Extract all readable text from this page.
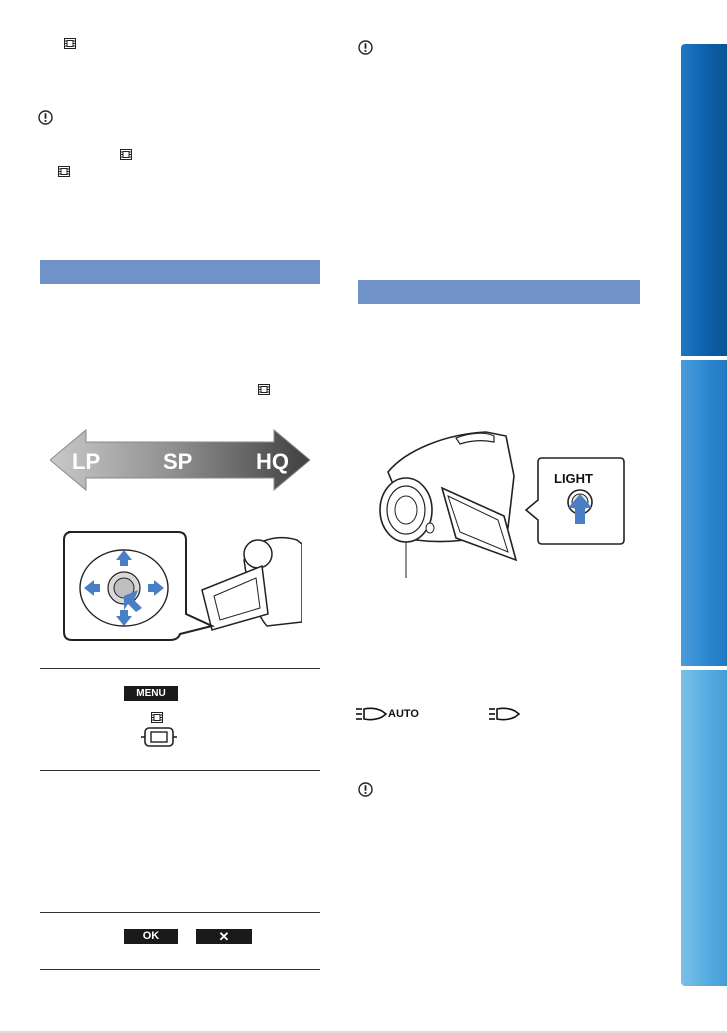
LP	SP	HQ
MENU
OK	✕
LIGHT
AUTO
